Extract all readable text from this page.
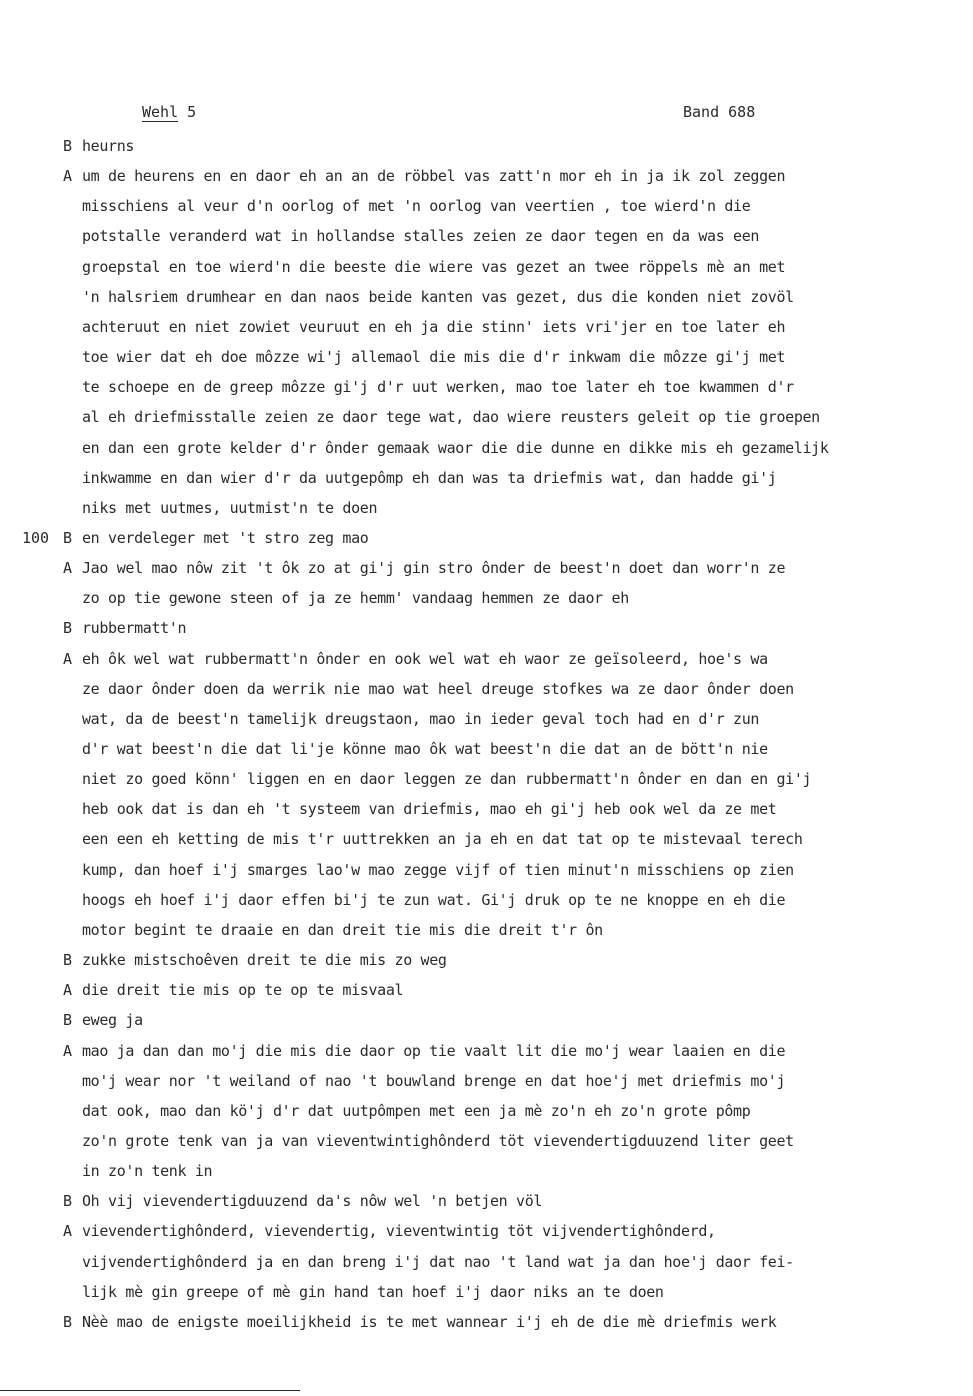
Wehl 5	Band 688
B heurns
A um de heurens en en daor eh an an de röbbel vas zatt'n mor eh in ja ik zol zeggen
misschiens al veur d'n oorlog of met 'n oorlog van veertien , toe wierd'n die
potstalle veranderd wat in hollandse stalles zeien ze daor tegen en da was een
groepstal en toe wierd'n die beeste die wiere vas gezet an twee röppels mè an met
'n halsriem drumhear en dan naos beide kanten vas gezet, dus die konden niet zovöl
achteruut en niet zowiet veuruut en eh ja die stinn' iets vri'jer en toe later eh
toe wier dat eh doe môzze wi'j allemaol die mis die d'r inkwam die môzze gi'j met
te schoepe en de greep môzze gi'j d'r uut werken, mao toe later eh toe kwammen d'r
al eh driefmisstalle zeien ze daor tege wat, dao wiere reusters geleit op tie groepen
en dan een grote kelder d'r ônder gemaak waor die die dunne en dikke mis eh gezamelijk
inkwamme en dan wier d'r da uutgepômp eh dan was ta driefmis wat, dan hadde gi'j
niks met uutmes, uutmist'n te doen
100 B en verdeleger met 't stro zeg mao
A Jao wel mao nôw zit 't ôk zo at gi'j gin stro ônder de beest'n doet dan worr'n ze
zo op tie gewone steen of ja ze hemm' vandaag hemmen ze daor eh
B rubbermatt'n
A eh ôk wel wat rubbermatt'n ônder en ook wel wat eh waor ze geïsoleerd, hoe's wa
ze daor ônder doen da werrik nie mao wat heel dreuge stofkes wa ze daor ônder doen
wat, da de beest'n tamelijk dreugstaon, mao in ieder geval toch had en d'r zun
d'r wat beest'n die dat li'je könne mao ôk wat beest'n die dat an de bött'n nie
niet zo goed könn' liggen en en daor leggen ze dan rubbermatt'n ônder en dan en gi'j
heb ook dat is dan eh 't systeem van driefmis, mao eh gi'j heb ook wel da ze met
een een eh ketting de mis t'r uuttrekken an ja eh en dat tat op te mistevaal terech
kump, dan hoef i'j smarges lao'w mao zegge vijf of tien minut'n misschiens op zien
hoogs eh hoef i'j daor effen bi'j te zun wat. Gi'j druk op te ne knoppe en eh die
motor begint te draaie en dan dreit tie mis die dreit t'r ôn
B zukke mistschoêven dreit te die mis zo weg
A die dreit tie mis op te op te misvaal
B eweg ja
A mao ja dan dan mo'j die mis die daor op tie vaalt lit die mo'j wear laaien en die
mo'j wear nor 't weiland of nao 't bouwland brenge en dat hoe'j met driefmis mo'j
dat ook, mao dan kö'j d'r dat uutpômpen met een ja mè zo'n eh zo'n grote pômp
zo'n grote tenk van ja van vieventwintighônderd töt vievendertigduuzend liter geet
in zo'n tenk in
B Oh vij vievendertigduuzend da's nôw wel 'n betjen völ
A vievendertighônderd, vievendertig, vieventwintig töt vijvendertighônderd,
vijvendertighônderd ja en dan breng i'j dat nao 't land wat ja dan hoe'j daor fei-
lijk mè gin greepe of mè gin hand tan hoef i'j daor niks an te doen
B Nèè mao de enigste moeilijkheid is te met wannear i'j eh de die mè driefmis werk
